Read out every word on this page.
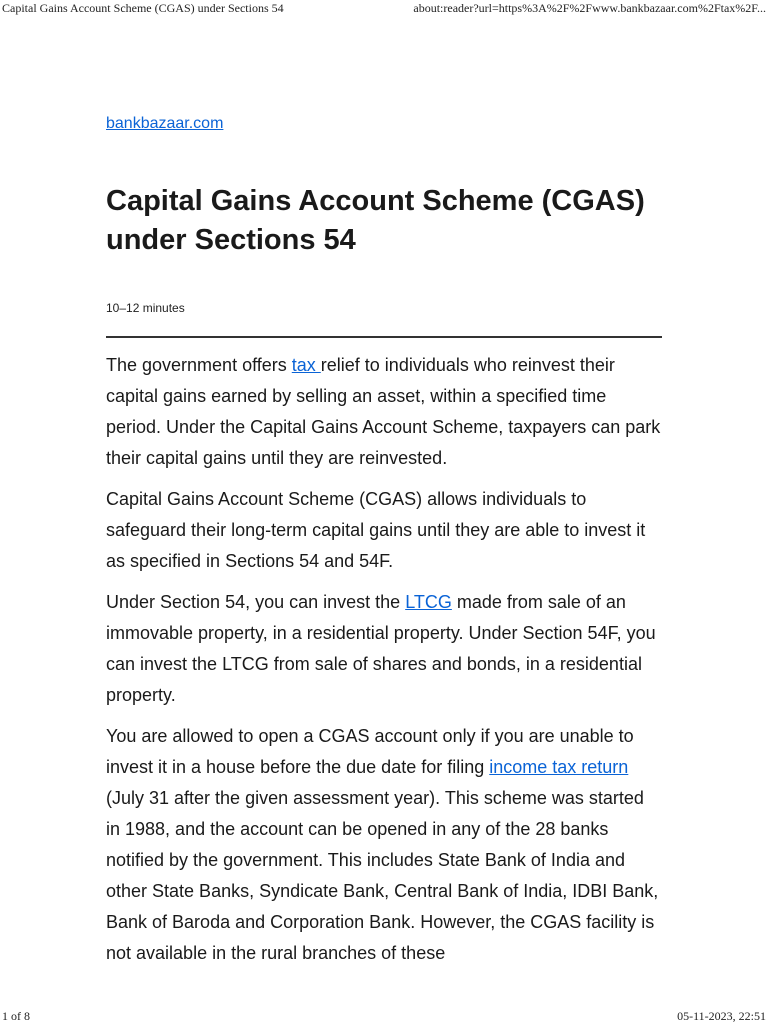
Capital Gains Account Scheme (CGAS) under Sections 54	about:reader?url=https%3A%2F%2Fwww.bankbazaar.com%2Ftax%2F...
bankbazaar.com
Capital Gains Account Scheme (CGAS) under Sections 54
10–12 minutes

The government offers tax relief to individuals who reinvest their capital gains earned by selling an asset, within a specified time period. Under the Capital Gains Account Scheme, taxpayers can park their capital gains until they are reinvested.

Capital Gains Account Scheme (CGAS) allows individuals to safeguard their long-term capital gains until they are able to invest it as specified in Sections 54 and 54F.

Under Section 54, you can invest the LTCG made from sale of an immovable property, in a residential property. Under Section 54F, you can invest the LTCG from sale of shares and bonds, in a residential property.

You are allowed to open a CGAS account only if you are unable to invest it in a house before the due date for filing income tax return (July 31 after the given assessment year). This scheme was started in 1988, and the account can be opened in any of the 28 banks notified by the government. This includes State Bank of India and other State Banks, Syndicate Bank, Central Bank of India, IDBI Bank, Bank of Baroda and Corporation Bank. However, the CGAS facility is not available in the rural branches of these

1 of 8	05-11-2023, 22:51
